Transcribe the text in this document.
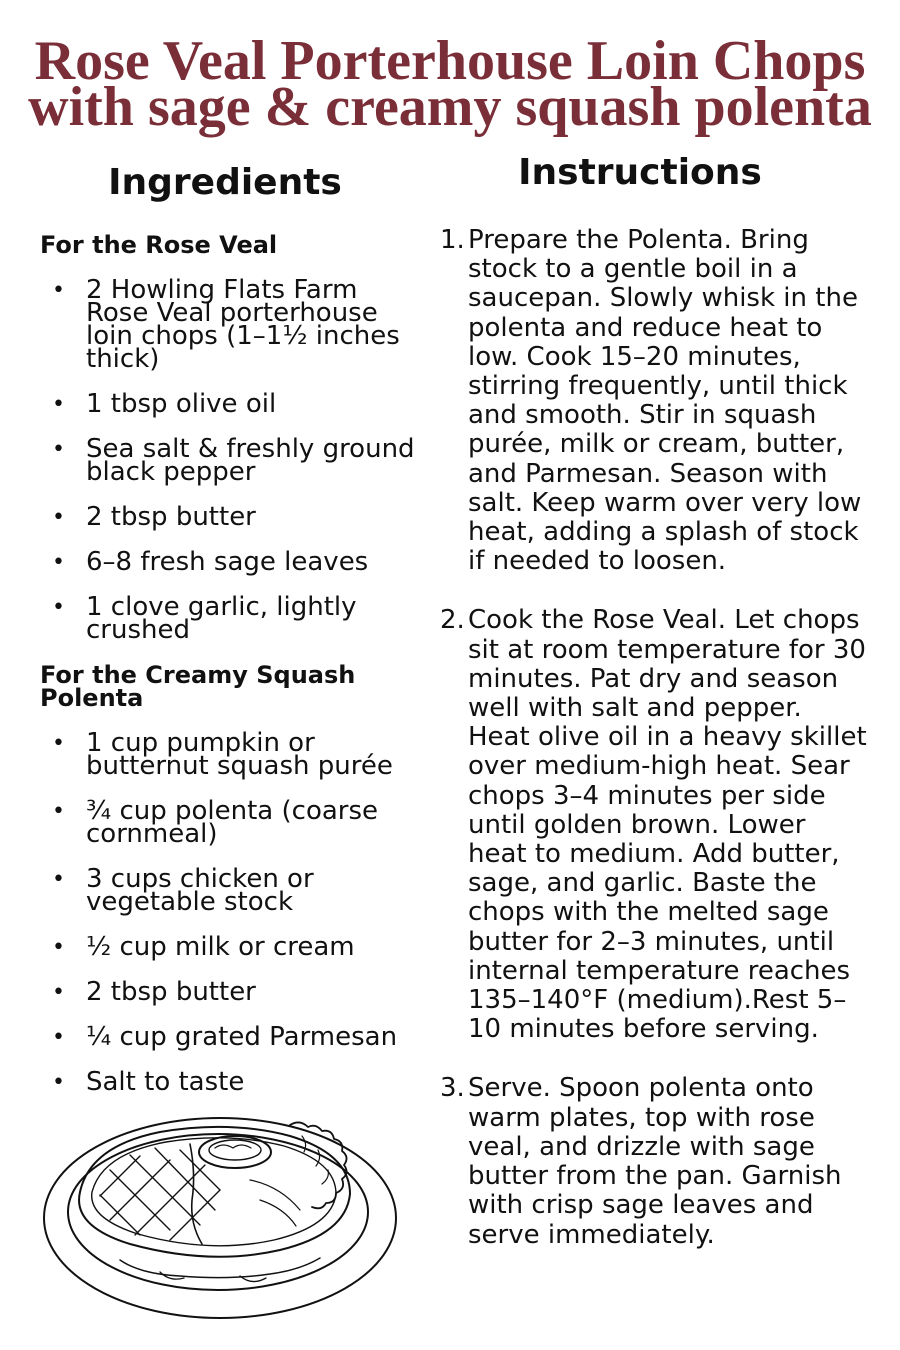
Rose Veal Porterhouse Loin Chops
with sage & creamy squash polenta
Ingredients
For the Rose Veal
• 2 Howling Flats Farm Rose Veal porterhouse loin chops (1–1½ inches thick)
• 1 tbsp olive oil
• Sea salt & freshly ground black pepper
• 2 tbsp butter
• 6–8 fresh sage leaves
• 1 clove garlic, lightly crushed
For the Creamy Squash Polenta
• 1 cup pumpkin or butternut squash purée
• ¾ cup polenta (coarse cornmeal)
• 3 cups chicken or vegetable stock
• ½ cup milk or cream
• 2 tbsp butter
• ¼ cup grated Parmesan
• Salt to taste
Instructions
1. Prepare the Polenta. Bring stock to a gentle boil in a saucepan. Slowly whisk in the polenta and reduce heat to low. Cook 15–20 minutes, stirring frequently, until thick and smooth. Stir in squash purée, milk or cream, butter, and Parmesan. Season with salt. Keep warm over very low heat, adding a splash of stock if needed to loosen.
2. Cook the Rose Veal. Let chops sit at room temperature for 30 minutes. Pat dry and season well with salt and pepper. Heat olive oil in a heavy skillet over medium-high heat. Sear chops 3–4 minutes per side until golden brown. Lower heat to medium. Add butter, sage, and garlic. Baste the chops with the melted sage butter for 2–3 minutes, until internal temperature reaches 135–140°F (medium).Rest 5–10 minutes before serving.
3. Serve. Spoon polenta onto warm plates, top with rose veal, and drizzle with sage butter from the pan. Garnish with crisp sage leaves and serve immediately.
